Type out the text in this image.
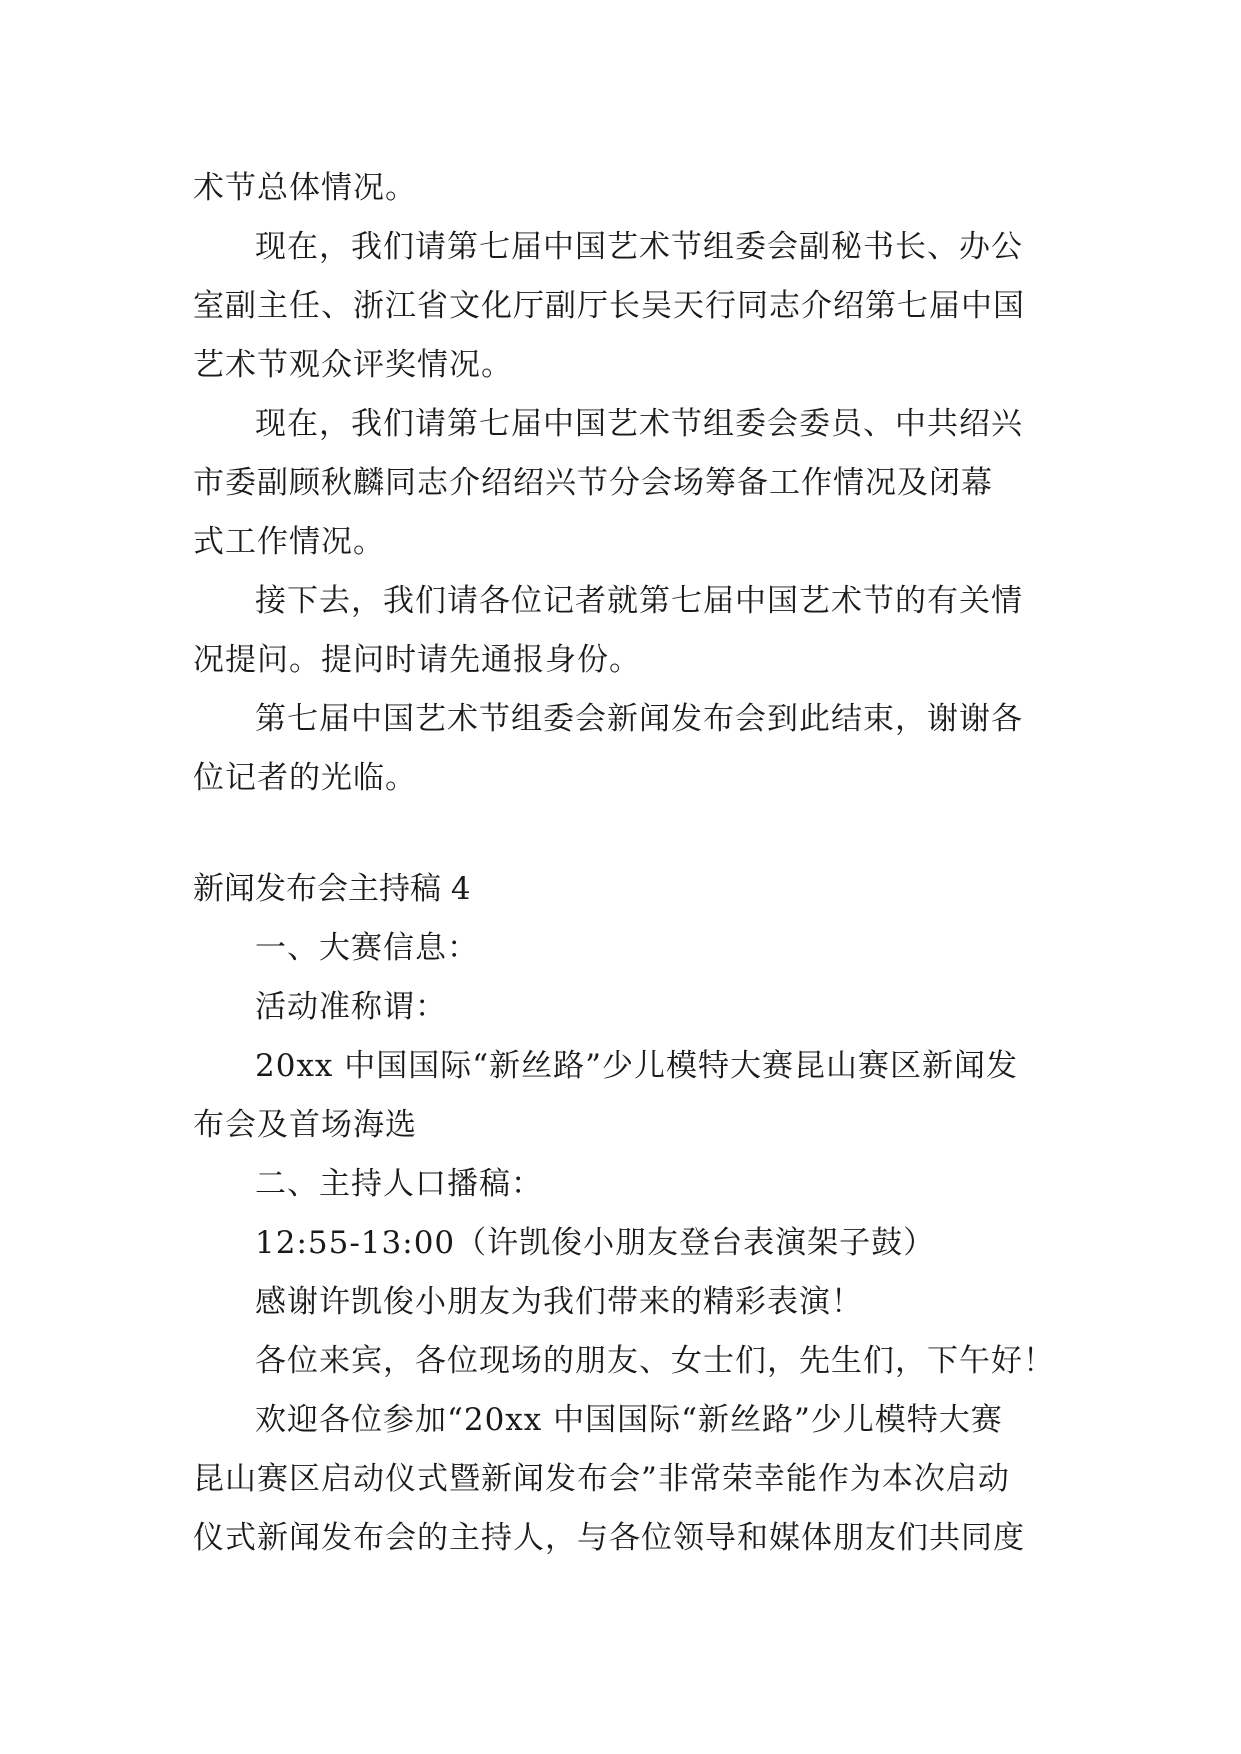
术节总体情况。
现在，我们请第七届中国艺术节组委会副秘书长、办公
室副主任、浙江省文化厅副厅长吴天行同志介绍第七届中国
艺术节观众评奖情况。
现在，我们请第七届中国艺术节组委会委员、中共绍兴
市委副顾秋麟同志介绍绍兴节分会场筹备工作情况及闭幕
式工作情况。
接下去，我们请各位记者就第七届中国艺术节的有关情
况提问。提问时请先通报身份。
第七届中国艺术节组委会新闻发布会到此结束，谢谢各
位记者的光临。
新闻发布会主持稿 4
一、大赛信息：
活动准称谓：
20xx 中国国际“新丝路”少儿模特大赛昆山赛区新闻发
布会及首场海选
二、主持人口播稿：
12:55-13:00（许凯俊小朋友登台表演架子鼓）
感谢许凯俊小朋友为我们带来的精彩表演！
各位来宾，各位现场的朋友、女士们，先生们，下午好！
欢迎各位参加“20xx 中国国际“新丝路”少儿模特大赛
昆山赛区启动仪式暨新闻发布会”非常荣幸能作为本次启动
仪式新闻发布会的主持人，与各位领导和媒体朋友们共同度
